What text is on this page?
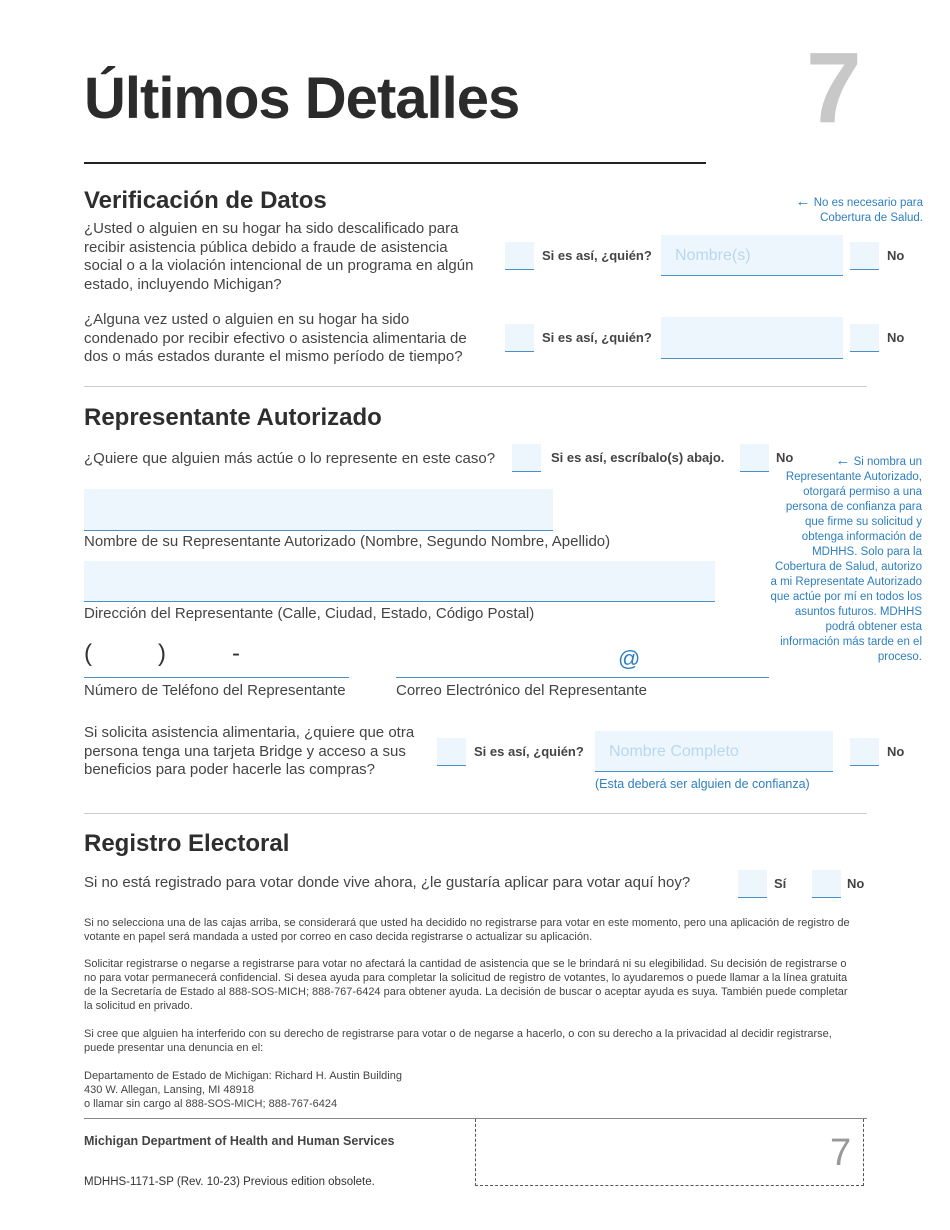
Últimos Detalles	7
Verificación de Datos	← No es necesario para Cobertura de Salud.
¿Usted o alguien en su hogar ha sido descalificado para recibir asistencia pública debido a fraude de asistencia social o a la violación intencional de un programa en algún estado, incluyendo Michigan?
Si es así, ¿quién?	Nombre(s)	No
¿Alguna vez usted o alguien en su hogar ha sido condenado por recibir efectivo o asistencia alimentaria de dos o más estados durante el mismo período de tiempo?
Si es así, ¿quién?	No
Representante Autorizado
¿Quiere que alguien más actúe o lo represente en este caso?	Si es así, escríbalo(s) abajo.	No	← Si nombra un Representante Autorizado, otorgará permiso a una persona de confianza para que firme su solicitud y obtenga información de MDHHS. Solo para la Cobertura de Salud, autorizo a mi Representate Autorizado que actúe por mí en todos los asuntos futuros. MDHHS podrá obtener esta información más tarde en el proceso.
Nombre de su Representante Autorizado (Nombre, Segundo Nombre, Apellido)
Dirección del Representante (Calle, Ciudad, Estado, Código Postal)
(	)	-
Número de Teléfono del Representante
@
Correo Electrónico del Representante
Si solicita asistencia alimentaria, ¿quiere que otra persona tenga una tarjeta Bridge y acceso a sus beneficios para poder hacerle las compras?
Si es así, ¿quién?	Nombre Completo
(Esta deberá ser alguien de confianza)
No
Registro Electoral
Si no está registrado para votar donde vive ahora, ¿le gustaría aplicar para votar aquí hoy?	Sí	No
Si no selecciona una de las cajas arriba, se considerará que usted ha decidido no registrarse para votar en este momento, pero una aplicación de registro de votante en papel será mandada a usted por correo en caso decida registrarse o actualizar su aplicación.
Solicitar registrarse o negarse a registrarse para votar no afectará la cantidad de asistencia que se le brindará ni su elegibilidad. Su decisión de registrarse o no para votar permanecerá confidencial. Si desea ayuda para completar la solicitud de registro de votantes, lo ayudaremos o puede llamar a la línea gratuita de la Secretaría de Estado al 888-SOS-MICH; 888-767-6424 para obtener ayuda. La decisión de buscar o aceptar ayuda es suya. También puede completar la solicitud en privado.
Si cree que alguien ha interferido con su derecho de registrarse para votar o de negarse a hacerlo, o con su derecho a la privacidad al decidir registrarse, puede presentar una denuncia en el:
Departamento de Estado de Michigan: Richard H. Austin Building
430 W. Allegan, Lansing, MI 48918
o llamar sin cargo al 888-SOS-MICH; 888-767-6424
Michigan Department of Health and Human Services
MDHHS-1171-SP (Rev. 10-23) Previous edition obsolete.
7
